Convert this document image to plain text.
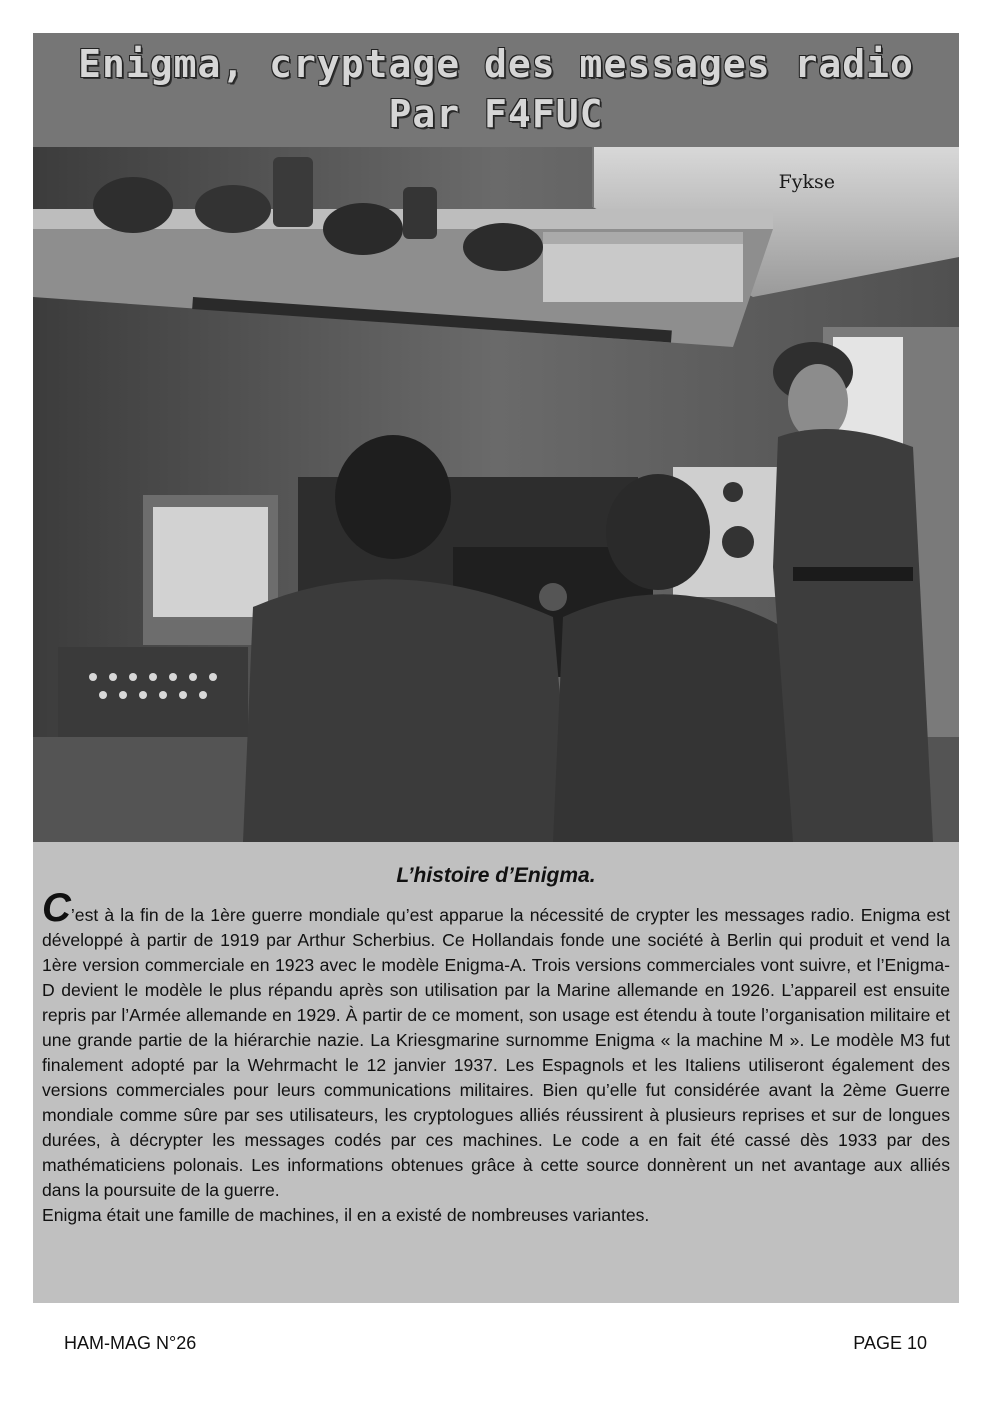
Enigma, cryptage des messages radio
Par F4FUC
Fykse
L’histoire d’Enigma.

C’est à la fin de la 1ère guerre mondiale qu’est apparue la nécessité de crypter les messages radio. Enigma est développé à partir de 1919 par Arthur Scherbius. Ce Hollandais fonde une société à Berlin qui produit et vend la 1ère version commerciale en 1923 avec le modèle Enigma-A. Trois versions commerciales vont suivre, et l’Enigma-D devient le modèle le plus répandu après son utilisation par la Marine allemande en 1926. L’appareil est ensuite repris par l’Armée allemande en 1929. À partir de ce moment, son usage est étendu à toute l’organisation militaire et une grande partie de la hiérarchie nazie. La Kriesgmarine surnomme Enigma « la machine M ». Le modèle M3 fut finalement adopté par la Wehrmacht le 12 janvier 1937. Les Espagnols et les Italiens utiliseront également des versions commerciales pour leurs communications militaires. Bien qu’elle fut considérée avant la 2ème Guerre mondiale comme sûre par ses utilisateurs, les cryptologues alliés réussirent à plusieurs reprises et sur de longues durées, à décrypter les messages codés par ces machines. Le code a en fait été cassé dès 1933 par des mathématiciens polonais. Les informations obtenues grâce à cette source donnèrent un net avantage aux alliés dans la poursuite de la guerre.

Enigma était une famille de machines, il en a existé de nombreuses variantes.

HAM-MAG N°26	PAGE 10
